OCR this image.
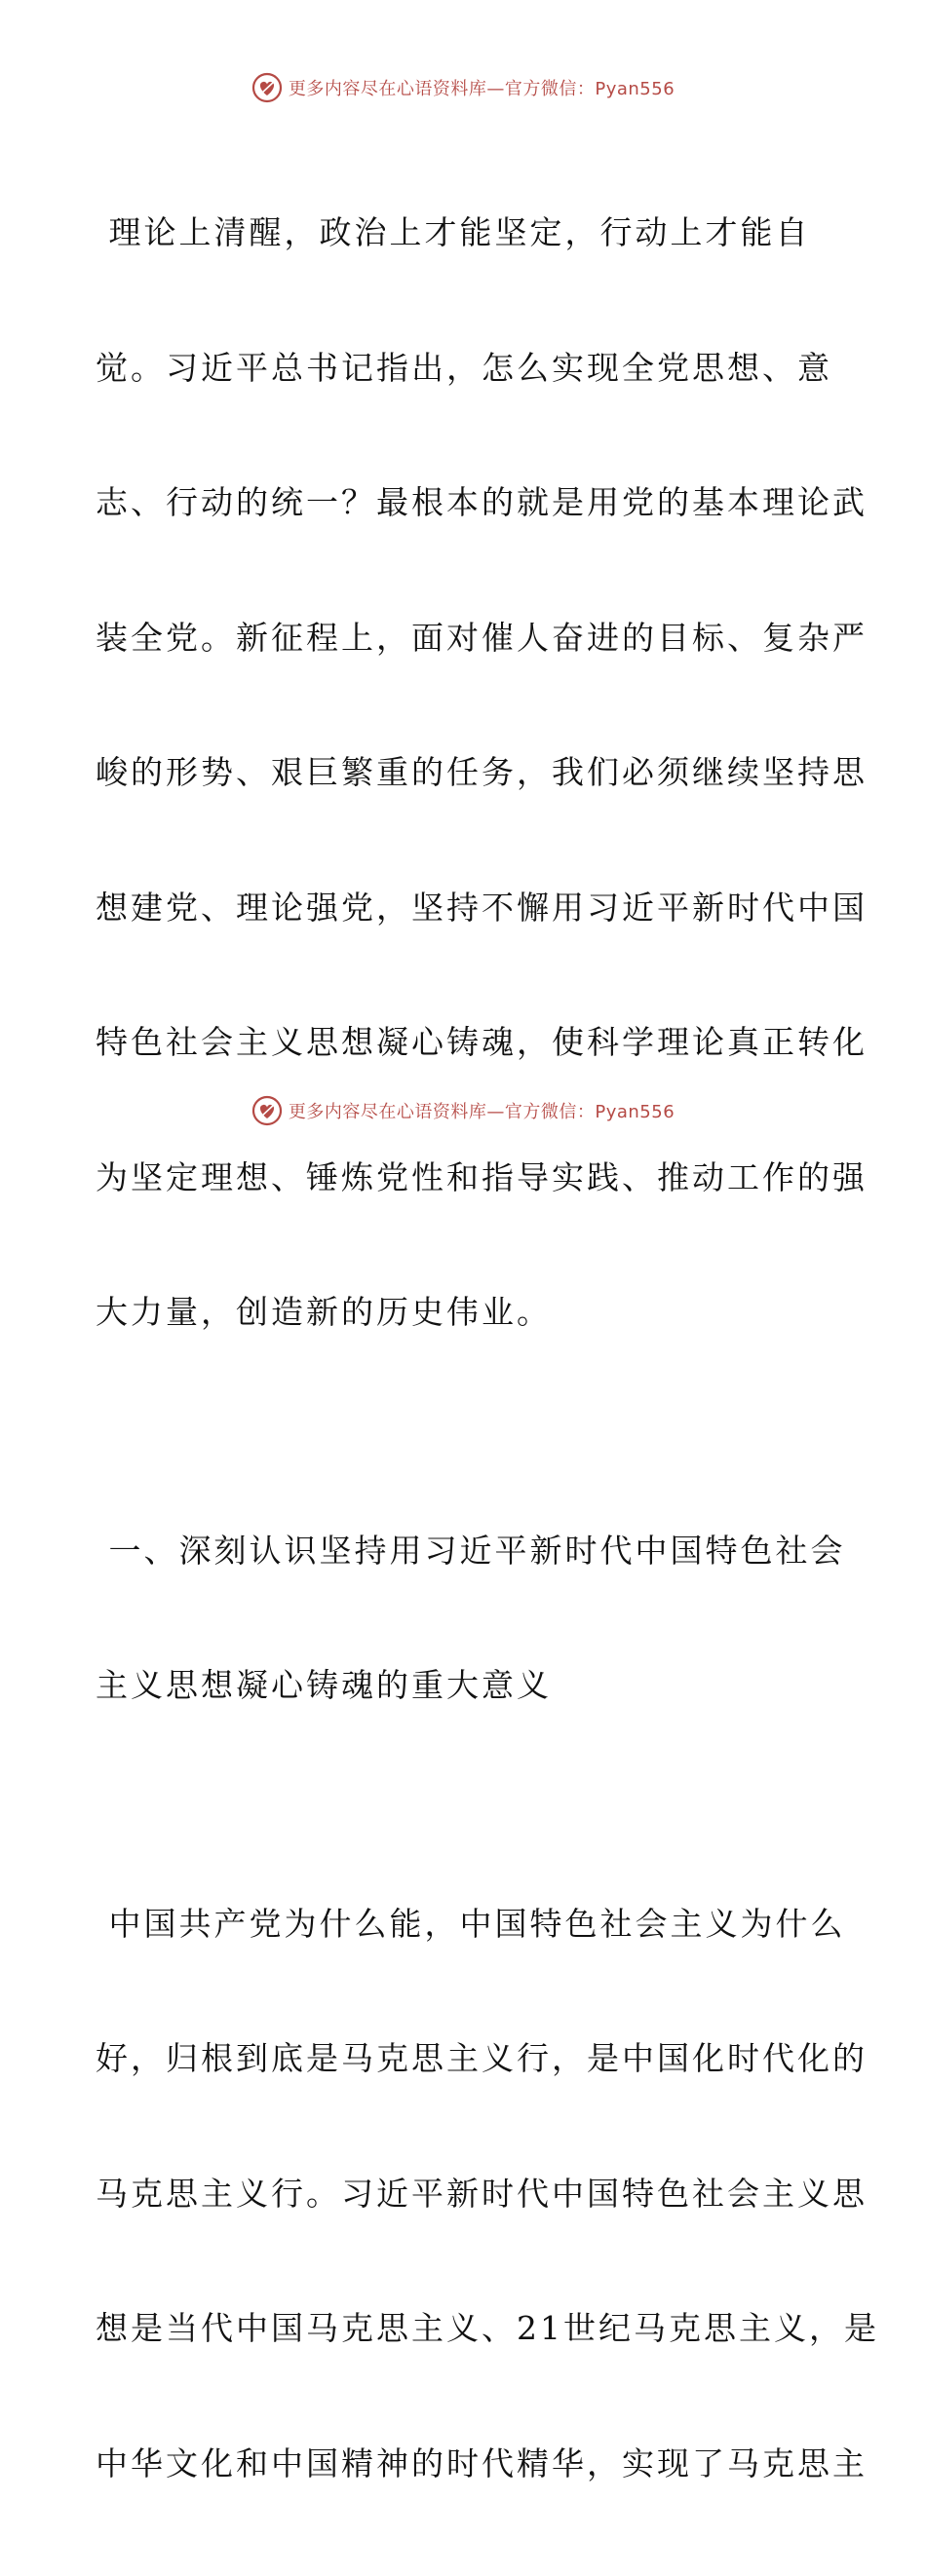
更多内容尽在心语资料库—官方微信：Pyan556

理论上清醒，政治上才能坚定，行动上才能自

觉。习近平总书记指出，怎么实现全党思想、意

志、行动的统一？最根本的就是用党的基本理论武

装全党。新征程上，面对催人奋进的目标、复杂严

峻的形势、艰巨繁重的任务，我们必须继续坚持思

想建党、理论强党，坚持不懈用习近平新时代中国

特色社会主义思想凝心铸魂，使科学理论真正转化

为坚定理想、锤炼党性和指导实践、推动工作的强

大力量，创造新的历史伟业。

一、深刻认识坚持用习近平新时代中国特色社会

主义思想凝心铸魂的重大意义

中国共产党为什么能，中国特色社会主义为什么

好，归根到底是马克思主义行，是中国化时代化的

马克思主义行。习近平新时代中国特色社会主义思

想是当代中国马克思主义、21世纪马克思主义，是

中华文化和中国精神的时代精华，实现了马克思主

更多内容尽在心语资料库—官方微信：Pyan556
